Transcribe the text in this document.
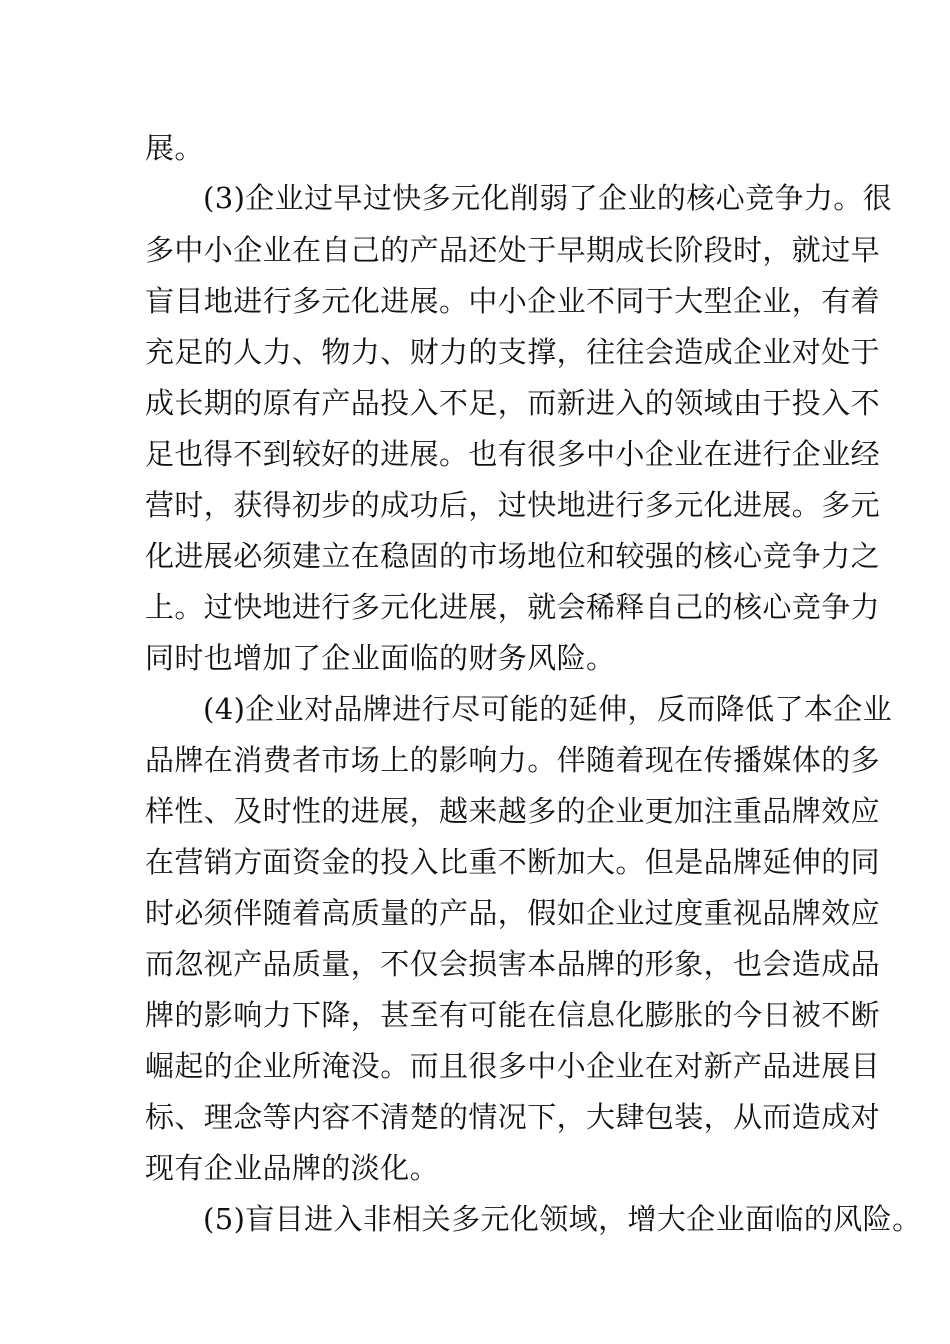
展。

(3)企业过早过快多元化削弱了企业的核心竞争力。很

多中小企业在自己的产品还处于早期成长阶段时，就过早

盲目地进行多元化进展。中小企业不同于大型企业，有着

充足的人力、物力、财力的支撑，往往会造成企业对处于

成长期的原有产品投入不足，而新进入的领域由于投入不

足也得不到较好的进展。也有很多中小企业在进行企业经

营时，获得初步的成功后，过快地进行多元化进展。多元

化进展必须建立在稳固的市场地位和较强的核心竞争力之

上。过快地进行多元化进展，就会稀释自己的核心竞争力

同时也增加了企业面临的财务风险。

(4)企业对品牌进行尽可能的延伸，反而降低了本企业

品牌在消费者市场上的影响力。伴随着现在传播媒体的多

样性、及时性的进展，越来越多的企业更加注重品牌效应

在营销方面资金的投入比重不断加大。但是品牌延伸的同

时必须伴随着高质量的产品，假如企业过度重视品牌效应

而忽视产品质量，不仅会损害本品牌的形象，也会造成品

牌的影响力下降，甚至有可能在信息化膨胀的今日被不断

崛起的企业所淹没。而且很多中小企业在对新产品进展目

标、理念等内容不清楚的情况下，大肆包装，从而造成对

现有企业品牌的淡化。

(5)盲目进入非相关多元化领域，增大企业面临的风险。
